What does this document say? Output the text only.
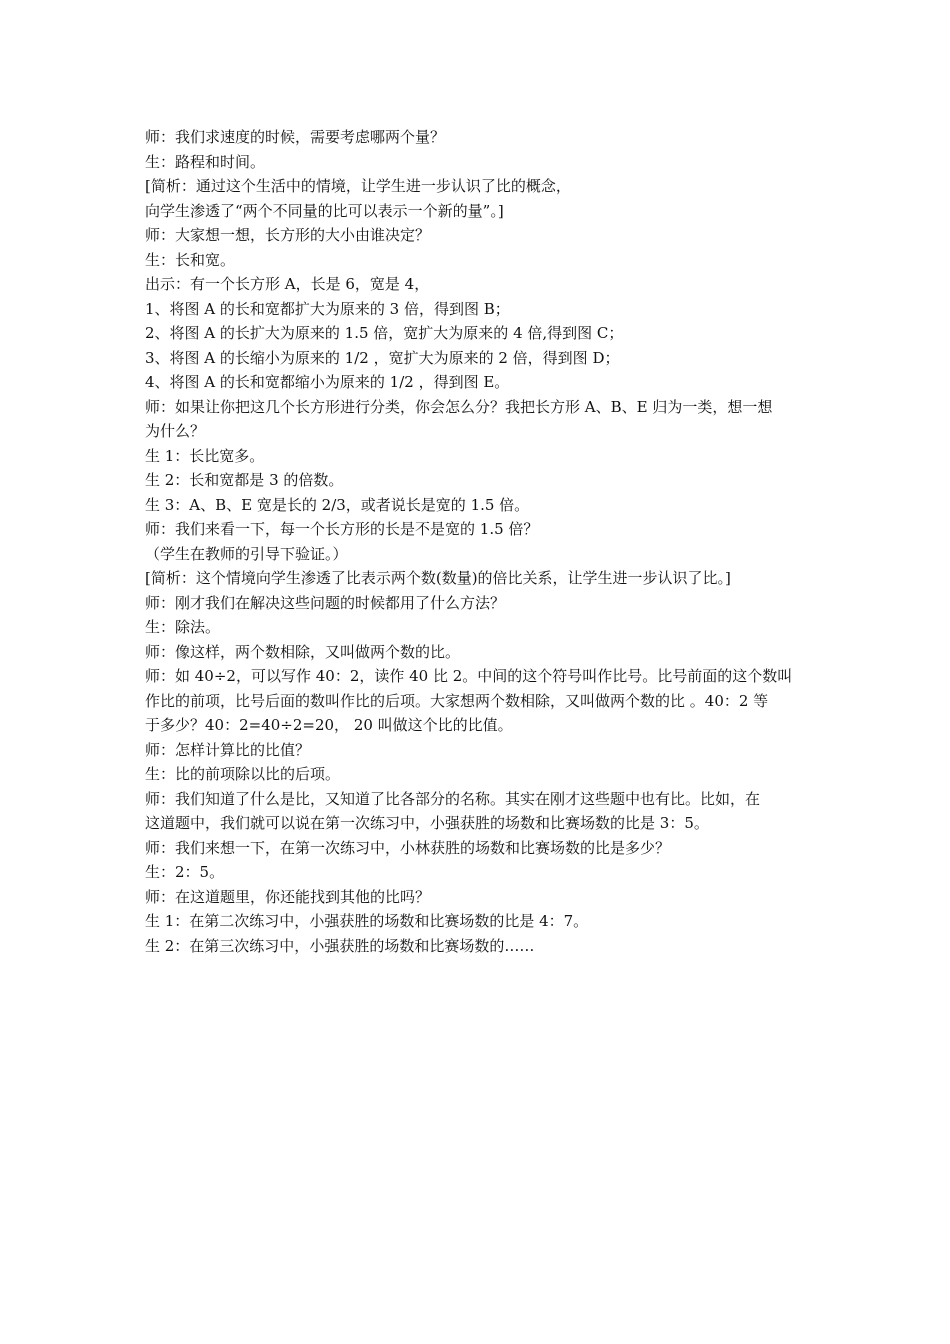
师：我们求速度的时候，需要考虑哪两个量？
生：路程和时间。
[简析：通过这个生活中的情境，让学生进一步认识了比的概念，
向学生渗透了“两个不同量的比可以表示一个新的量”。]
师：大家想一想，长方形的大小由谁决定？
生：长和宽。
出示：有一个长方形 A，长是 6，宽是 4，
1、将图 A 的长和宽都扩大为原来的 3 倍，得到图 B；
2、将图 A 的长扩大为原来的 1.5 倍，宽扩大为原来的 4 倍,得到图 C；
3、将图 A 的长缩小为原来的 1/2 ，宽扩大为原来的 2 倍，得到图 D；
4、将图 A 的长和宽都缩小为原来的 1/2 ，得到图 E。
师：如果让你把这几个长方形进行分类，你会怎么分？我把长方形 A、B、E 归为一类，想一想
为什么？
生 1：长比宽多。
生 2：长和宽都是 3 的倍数。
生 3：A、B、E 宽是长的 2/3，或者说长是宽的 1.5 倍。
师：我们来看一下，每一个长方形的长是不是宽的 1.5 倍？
（学生在教师的引导下验证。）
[简析：这个情境向学生渗透了比表示两个数(数量)的倍比关系，让学生进一步认识了比。]
师：刚才我们在解决这些问题的时候都用了什么方法？
生：除法。
师：像这样，两个数相除，又叫做两个数的比。
师：如 40÷2，可以写作 40：2，读作 40 比 2。中间的这个符号叫作比号。比号前面的这个数叫
作比的前项，比号后面的数叫作比的后项。大家想两个数相除，又叫做两个数的比 。40：2 等
于多少？40：2=40÷2=20， 20 叫做这个比的比值。
师：怎样计算比的比值？
生：比的前项除以比的后项。
师：我们知道了什么是比，又知道了比各部分的名称。其实在刚才这些题中也有比。比如，在
这道题中，我们就可以说在第一次练习中，小强获胜的场数和比赛场数的比是 3：5。
师：我们来想一下，在第一次练习中，小林获胜的场数和比赛场数的比是多少？
生：2：5。
师：在这道题里，你还能找到其他的比吗？
生 1：在第二次练习中，小强获胜的场数和比赛场数的比是 4：7。
生 2：在第三次练习中，小强获胜的场数和比赛场数的……
